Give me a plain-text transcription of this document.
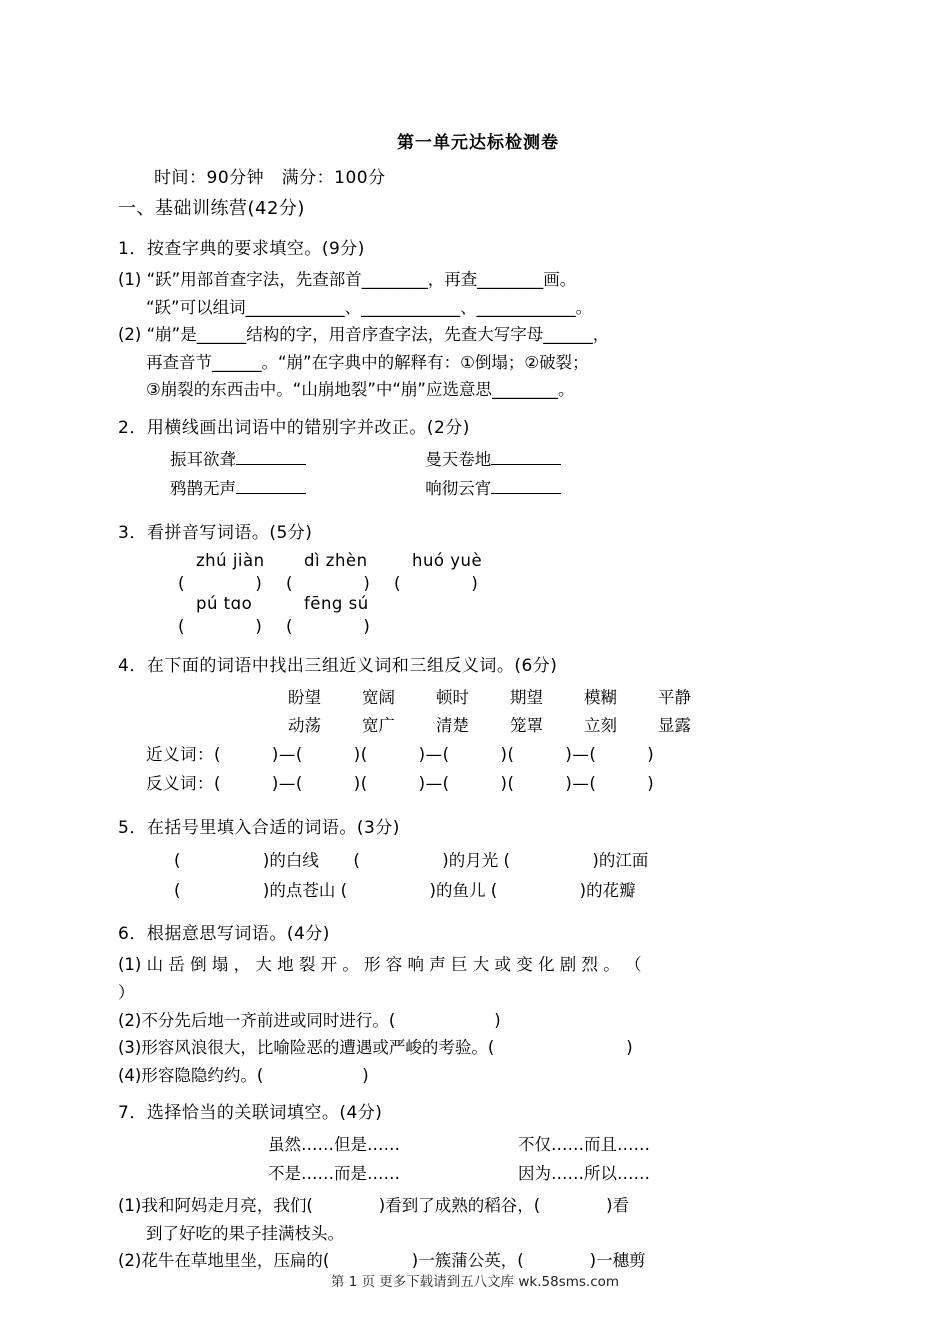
第一单元达标检测卷
时间：90分钟　满分：100分
一、基础训练营(42分)
1．按查字典的要求填空。(9分)
(1) “跃”用部首查字法，先查部首________，再查________画。
“跃”可以组词____________、____________、____________。
(2) “崩”是______结构的字，用音序查字法，先查大写字母______，
再查音节______。“崩”在字典中的解释有：①倒塌；②破裂；
③崩裂的东西击中。“山崩地裂”中“崩”应选意思________。
2．用横线画出词语中的错别字并改正。(2分)
振耳欲聋	曼天卷地
鸦鹊无声	响彻云宵
3．看拼音写词语。(5分)
zhú jiàn dì zhèn	huó yuè
(　　　　) (　　　　) (　　　　)
pú tɑo	fēng sú
(　　　　) (　　　　)
4．在下面的词语中找出三组近义词和三组反义词。(6分)
盼望 宽阔 顿时 期望 模糊 平静
动荡 宽广 清楚 笼罩 立刻 显露
近义词：(　　　)—(　　　)(　　　)—(　　　)(　　　)—(　　　)
反义词：(　　　)—(　　　)(　　　)—(　　　)(　　　)—(　　　)
5．在括号里填入合适的词语。(3分)
(　　　　　)的白线 (　　　　　)的月光 (　　　　　)的江面
(　　　　　)的点苍山 (　　　　　)的鱼儿 (　　　　　)的花瓣
6．根据意思写词语。(4分)
(1) 山 岳 倒 塌 ， 大 地 裂 开 。 形 容 响 声 巨 大 或 变 化 剧 烈 。 （
）
(2)不分先后地一齐前进或同时进行。(　　　　　　)
(3)形容风浪很大，比喻险恶的遭遇或严峻的考验。(　　　　　　　　)
(4)形容隐隐约约。(　　　　　　)
7．选择恰当的关联词填空。(4分)
虽然……但是……	不仅……而且……
不是……而是……	因为……所以……
(1)我和阿妈走月亮，我们(　　　　)看到了成熟的稻谷，(　　　　)看
到了好吃的果子挂满枝头。
(2)花牛在草地里坐，压扁的(　　　　　)一簇蒲公英，(　　　　)一穗剪
第 1 页 更多下载请到五八文库 wk.58sms.com
